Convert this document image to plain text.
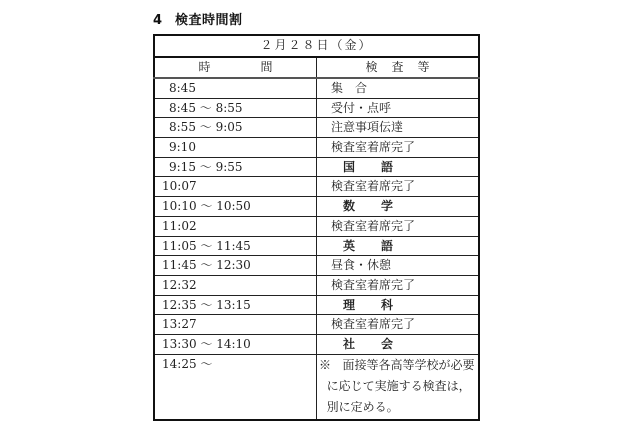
4 検査時間割
２月２８日（金）	
時 間	検 査 等
8:45	集　合
8:45 ～ 8:55	受付・点呼
8:55 ～ 9:05	注意事項伝達
9:10	検査室着席完了
9:15 ～ 9:55	国 語
10:07	検査室着席完了
10:10 ～ 10:50	数 学
11:02	検査室着席完了
11:05 ～ 11:45	英 語
11:45 ～ 12:30	昼食・休憩
12:32	検査室着席完了
12:35 ～ 13:15	理 科
13:27	検査室着席完了
13:30 ～ 14:10	社 会
14:25 ～	※ 面接等各高等学校が必要
に応じて実施する検査は，
別に定める。
